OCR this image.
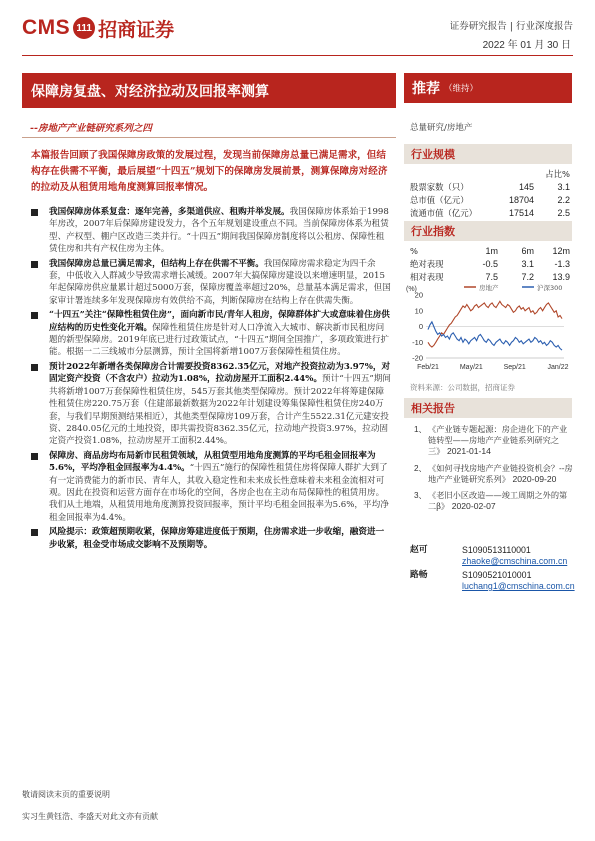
CMS 111 招商证券	证券研究报告 | 行业深度报告
2022 年 01 月 30 日
保障房复盘、对经济拉动及回报率测算
--房地产产业链研究系列之四
本篇报告回顾了我国保障房政策的发展过程，发现当前保障房总量已满足需求，但结构存在供需不平衡，最后展望“十四五”规划下的保障房发展前景，测算保障房对经济的拉动及从租赁用地角度测算回报率情况。
我国保障房体系复盘：逐年完善，多渠道供应、租购并举发展。我国保障房体系始于1998年房改，2007年后保障房建设发力，各个五年规划建设重点不同。当前保障房体系为租赁型、产权型、棚户区改造三类并行。“十四五”期间我国保障房制度将以公租房、保障性租赁住房和共有产权住房为主体。
我国保障房总量已满足需求，但结构上存在供需不平衡。我国保障房需求稳定为四千余套，中低收入人群减少导致需求增长减缓。2007年大搞保障房建设以来增速明显，2015年起保障房供应量累计超过5000万套，保障房覆盖率超过20%，总量基本满足需求，但国家审计署连续多年发现保障房有效供给不高，判断保障房在结构上存在供需失衡。
“十四五”关注“保障性租赁住房”，面向新市民/青年人租房，保障群体扩大或意味着住房供应结构的历史性变化开端。保障性租赁住房是针对人口净流入大城市、解决新市民租房问题的新型保障房。2019年底已进行过政策试点，“十四五”期间全国推广，多项政策进行扩能。根据一二三线城市分层测算，预计全国将新增1007万套保障性租赁住房。
预计2022年新增各类保障房合计需要投资8362.35亿元，对地产投资拉动为3.97%，对固定资产投资（不含农户）拉动为1.08%，拉动房屋开工面积2.44%。预计“十四五”期间共将新增1007万套保障性租赁住房，545万套其他类型保障房。预计2022年将筹建保障性租赁住房220.75万套（住建部最新数据为2022年计划建设筹集保障性租赁住房240万套，与我们早期预测结果相近），其他类型保障房109万套，合计产生5522.31亿元建安投资、2840.05亿元的土地投资，即共需投资8362.35亿元，拉动地产投资3.97%，拉动固定资产投资1.08%，拉动房屋开工面积2.44%。
保障房、商品房均布局新市民租赁领域，从租赁型用地角度测算的平均毛租金回报率为5.6%，平均净租金回报率为4.4%。“十四五”施行的保障性租赁住房将保障人群扩大到了有一定消费能力的新市民、青年人，其收入稳定性和未来成长性意味着未来租金流相对可观。因此在投资和运营方面存在市场化的空间，各房企也在主动布局保障性的租赁用房。我们从土地端，从租赁用地角度测算投资回报率，预计平均毛租金回报率为5.6%，平均净租金回报率为4.4%。
风险提示：政策超预期收紧，保障房筹建进度低于预期，住房需求进一步收缩，融资进一步收紧，租金受市场成交影响不及预期等。
推荐 （维持）
总量研究/房地产
行业规模
		占比%
股票家数（只）	145	3.1
总市值（亿元）	18704	2.2
流通市值（亿元）	17514	2.5
行业指数
%	1m	6m	12m
绝对表现	-0.5	3.1	-1.3
相对表现	7.5	7.2	13.9
(%)
20
10
0
-10
-20
Feb/21	May/21	Sep/21	Jan/22
房地产	沪深300
资料来源：公司数据，招商证券
相关报告
1、 《产业链专题起源：房企进化下的产业链转型——房地产产业链系列研究之三》 2021-01-14
2、 《如何寻找房地产产业链投资机会？--房地产产业链研究系列》 2020-09-20
3、 《老旧小区改造——竣工周期之外的第二β》 2020-02-07
赵可	S1090513110001
zhaoke@cmschina.com.cn
路畅	S1090521010001
luchang1@cmschina.com.cn
敬请阅读末页的重要说明
实习生黄钰浩、李盛天对此文亦有贡献
